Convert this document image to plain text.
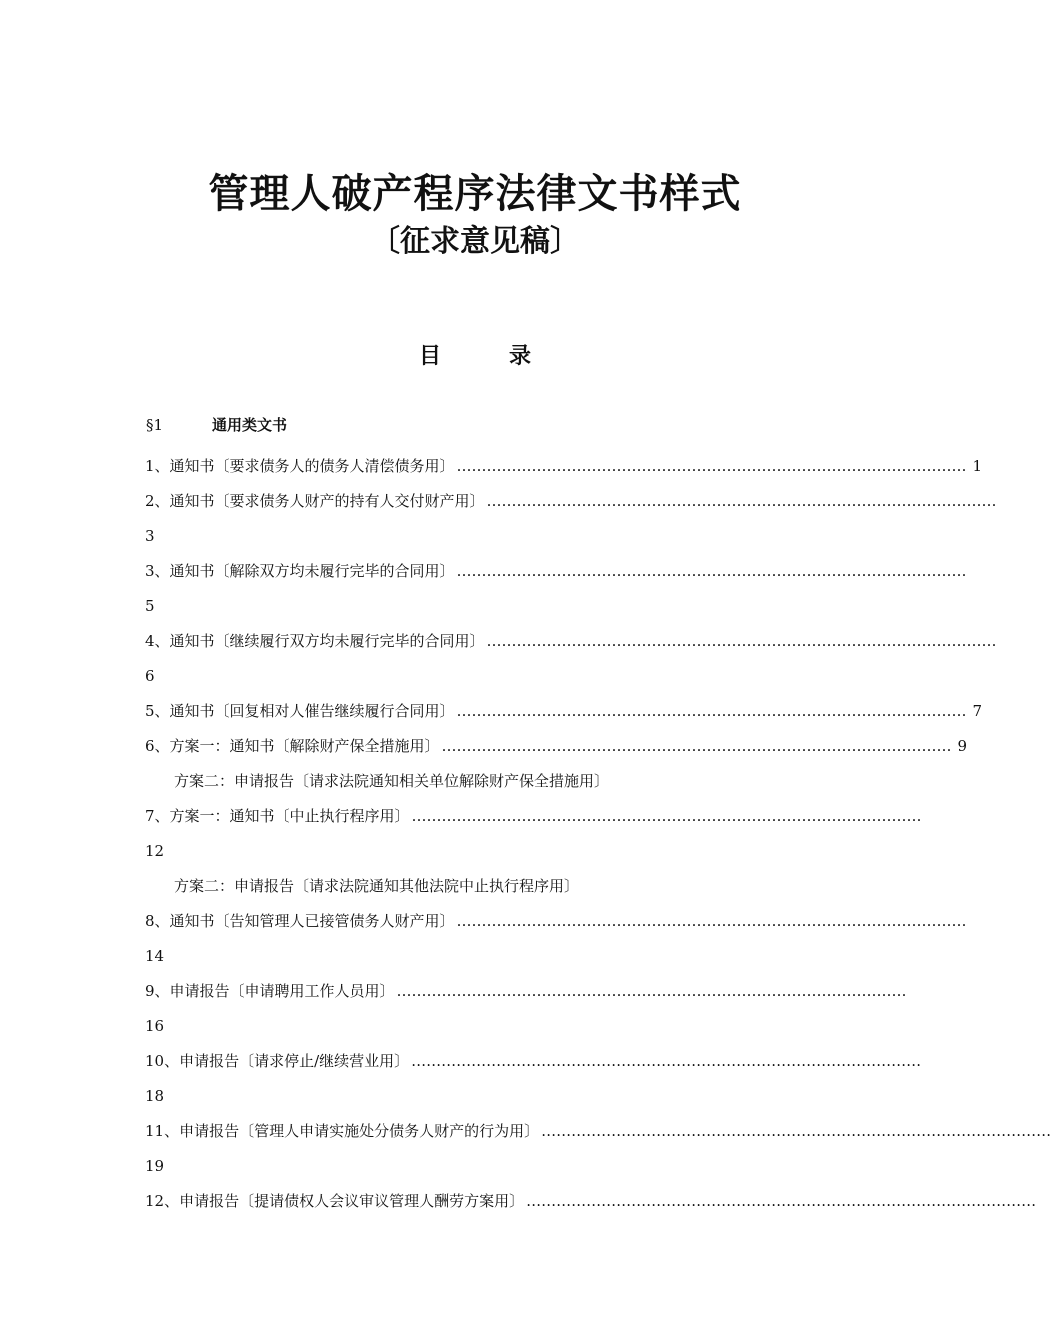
管理人破产程序法律文书样式
〔征求意见稿〕
目	录
§1	通用类文书
1、通知书〔要求债务人的债务人清偿债务用〕 ………………………………………………………………………………………… 1
2、通知书〔要求债务人财产的持有人交付财产用〕 …………………………………………………………………………………………
3
3、通知书〔解除双方均未履行完毕的合同用〕 …………………………………………………………………………………………
5
4、通知书〔继续履行双方均未履行完毕的合同用〕 …………………………………………………………………………………………
6
5、通知书〔回复相对人催告继续履行合同用〕 ………………………………………………………………………………………… 7
6、方案一：通知书〔解除财产保全措施用〕 ………………………………………………………………………………………… 9
方案二：申请报告〔请求法院通知相关单位解除财产保全措施用〕
7、方案一：通知书〔中止执行程序用〕 …………………………………………………………………………………………
12
方案二：申请报告〔请求法院通知其他法院中止执行程序用〕
8、通知书〔告知管理人已接管债务人财产用〕 …………………………………………………………………………………………
14
9、申请报告〔申请聘用工作人员用〕 …………………………………………………………………………………………
16
10、申请报告〔请求停止/继续营业用〕 …………………………………………………………………………………………
18
11、申请报告〔管理人申请实施处分债务人财产的行为用〕 …………………………………………………………………………………………
19
12、申请报告〔提请债权人会议审议管理人酬劳方案用〕 …………………………………………………………………………………………
